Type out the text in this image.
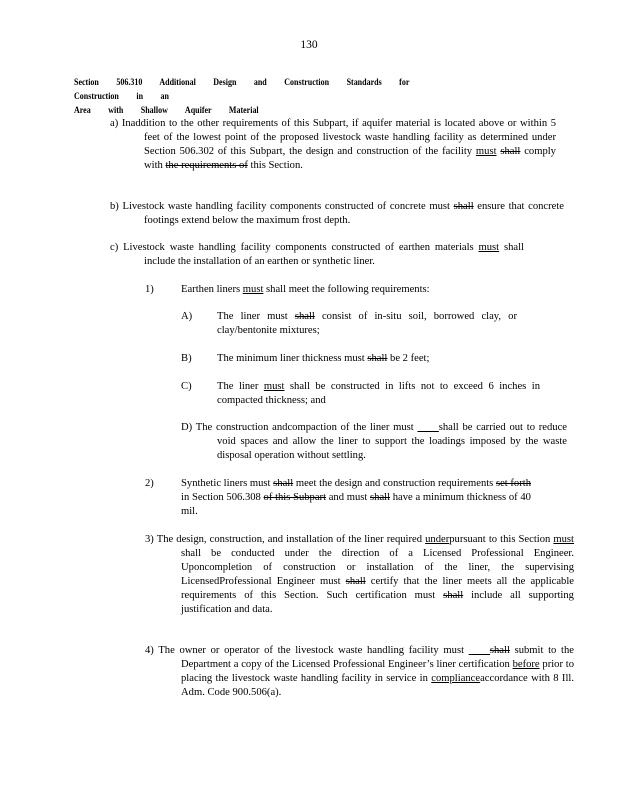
130
Section 506.310 Additional Design and Construction Standards for Construction in an
Area with Shallow Aquifer Material
a) Inaddition to the other requirements of this Subpart, if aquifer material is located above or within 5 feet of the lowest point of the proposed livestock waste handling facility as determined under Section 506.302 of this Subpart, the design and construction of the facility must shall comply with the requirements of this Section.
b) Livestock waste handling facility components constructed of concrete must shall ensure that concrete footings extend below the maximum frost depth.
c) Livestock waste handling facility components constructed of earthen materials must shall include the installation of an earthen or synthetic liner.
1)	Earthen liners must shall meet the following requirements:
A) The liner must shall consist of in-situ soil, borrowed clay, or clay/bentonite mixtures;
B) The minimum liner thickness must shall be 2 feet;
C) The liner must shall be constructed in lifts not to exceed 6 inches in compacted thickness; and
D) The construction andcompaction of the liner must ____shall be carried out to reduce void spaces and allow the liner to support the loadings imposed by the waste disposal operation without settling.
2)	Synthetic liners must shall meet the design and construction requirements set forth in Section 506.308 of this Subpart and must shall have a minimum thickness of 40 mil.
3) The design, construction, and installation of the liner required underpursuant to this Section must shall be conducted under the direction of a Licensed Professional Engineer. Uponcompletion of construction or installation of the liner, the supervising LicensedProfessional Engineer must shall certify that the liner meets all the applicable requirements of this Section. Such certification must shall include all supporting justification and data.
4) The owner or operator of the livestock waste handling facility must ____shall submit to the Department a copy of the Licensed Professional Engineer’s liner certification before prior to placing the livestock waste handling facility in service in complianceaccordance with 8 Ill. Adm. Code 900.506(a).
